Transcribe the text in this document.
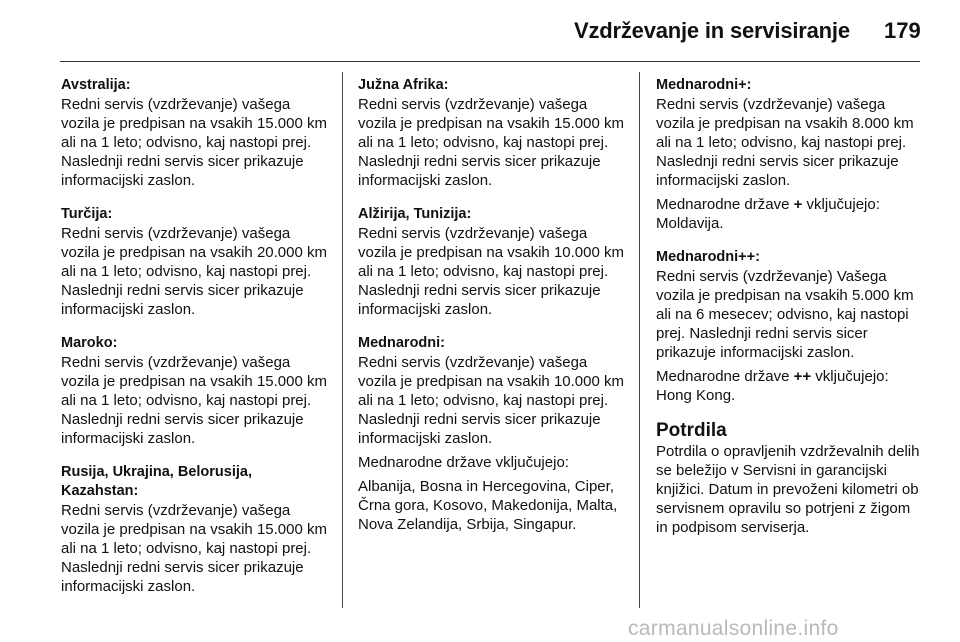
Vzdrževanje in servisiranje 179
Avstralija:
Redni servis (vzdrževanje) vašega vozila je predpisan na vsakih 15.000 km ali na 1 leto; odvisno, kaj nastopi prej. Naslednji redni servis sicer prikazuje informacijski zaslon.
Turčija:
Redni servis (vzdrževanje) vašega vozila je predpisan na vsakih 20.000 km ali na 1 leto; odvisno, kaj nastopi prej. Naslednji redni servis sicer prikazuje informacijski zaslon.
Maroko:
Redni servis (vzdrževanje) vašega vozila je predpisan na vsakih 15.000 km ali na 1 leto; odvisno, kaj nastopi prej. Naslednji redni servis sicer prikazuje informacijski zaslon.
Rusija, Ukrajina, Belorusija, Kazahstan:
Redni servis (vzdrževanje) vašega vozila je predpisan na vsakih 15.000 km ali na 1 leto; odvisno, kaj nastopi prej. Naslednji redni servis sicer prikazuje informacijski zaslon.
Južna Afrika:
Redni servis (vzdrževanje) vašega vozila je predpisan na vsakih 15.000 km ali na 1 leto; odvisno, kaj nastopi prej. Naslednji redni servis sicer prikazuje informacijski zaslon.
Alžirija, Tunizija:
Redni servis (vzdrževanje) vašega vozila je predpisan na vsakih 10.000 km ali na 1 leto; odvisno, kaj nastopi prej. Naslednji redni servis sicer prikazuje informacijski zaslon.
Mednarodni:
Redni servis (vzdrževanje) vašega vozila je predpisan na vsakih 10.000 km ali na 1 leto; odvisno, kaj nastopi prej. Naslednji redni servis sicer prikazuje informacijski zaslon.
Mednarodne države vključujejo:
Albanija, Bosna in Hercegovina, Ciper, Črna gora, Kosovo, Makedonija, Malta, Nova Zelandija, Srbija, Singapur.
Mednarodni+:
Redni servis (vzdrževanje) vašega vozila je predpisan na vsakih 8.000 km ali na 1 leto; odvisno, kaj nastopi prej. Naslednji redni servis sicer prikazuje informacijski zaslon.
Mednarodne države + vključujejo: Moldavija.
Mednarodni++:
Redni servis (vzdrževanje) Vašega vozila je predpisan na vsakih 5.000 km ali na 6 mesecev; odvisno, kaj nastopi prej. Naslednji redni servis sicer prikazuje informacijski zaslon.
Mednarodne države ++ vključujejo: Hong Kong.
Potrdila
Potrdila o opravljenih vzdrževalnih delih se beležijo v Servisni in garancijski knjižici. Datum in prevoženi kilometri ob servisnem opravilu so potrjeni z žigom in podpisom serviserja.
carmanualsonline.info
